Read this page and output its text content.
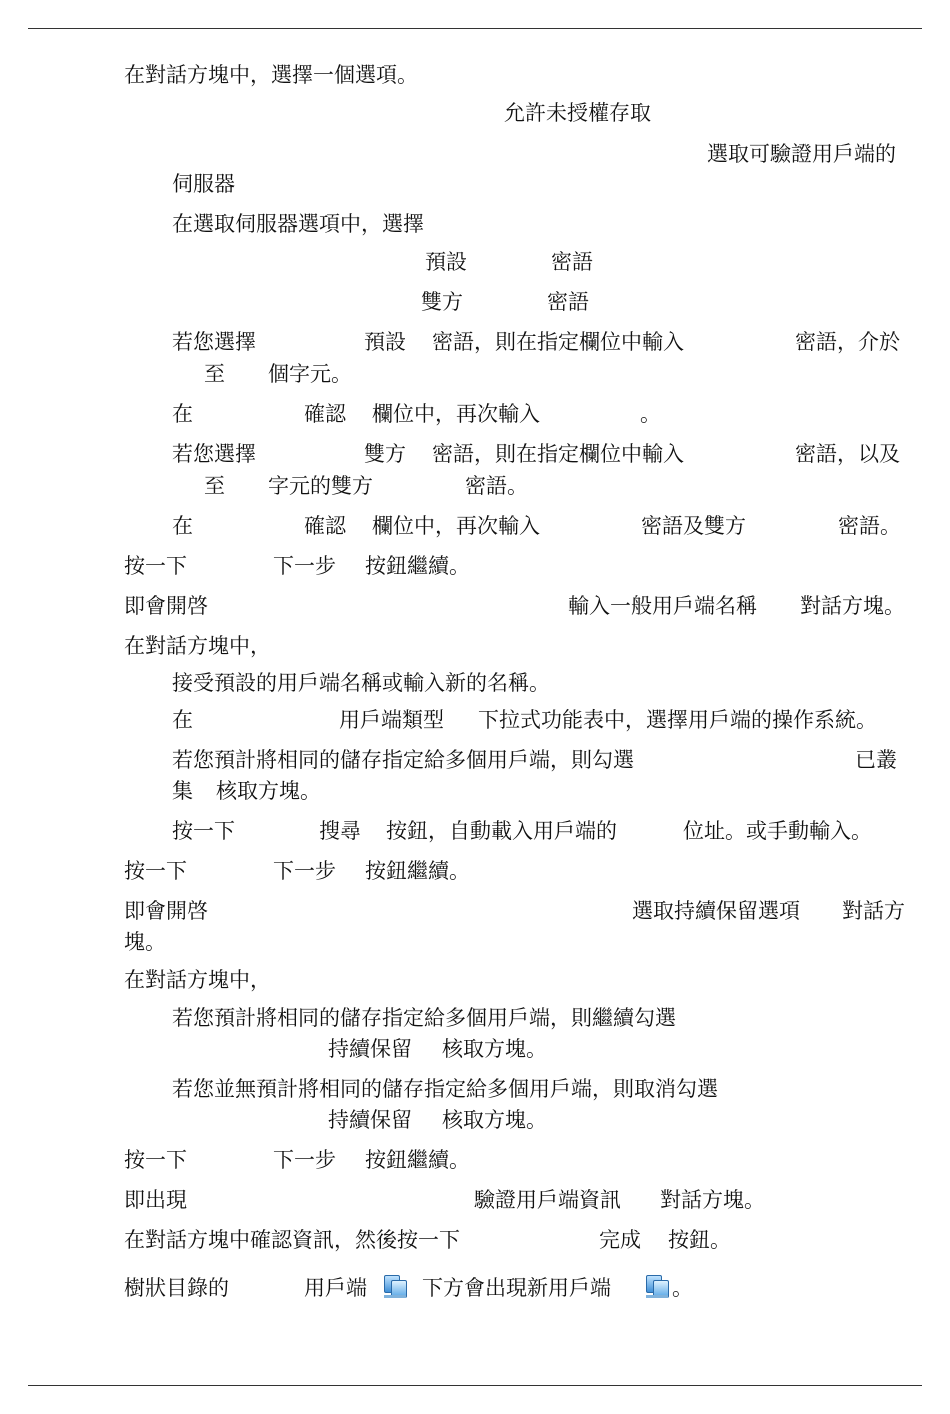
在對話方塊中，選擇一個選項。
允許未授權存取
選取可驗證用戶端的
伺服器
在選取伺服器選項中，選擇
預設	密語
雙方	密語
若您選擇	預設 密語，則在指定欄位中輸入	密語，介於
至 個字元。
在	確認 欄位中，再次輸入	。
若您選擇	雙方 密語，則在指定欄位中輸入	密語，以及
至 字元的雙方	密語。
在	確認 欄位中，再次輸入	密語及雙方	密語。
按一下	下一步 按鈕繼續。
即會開啓	輸入一般用戶端名稱 對話方塊。
在對話方塊中，
接受預設的用戶端名稱或輸入新的名稱。
在	用戶端類型 下拉式功能表中，選擇用戶端的操作系統。
若您預計將相同的儲存指定給多個用戶端，則勾選	已叢
集 核取方塊。
按一下	搜尋 按鈕，自動載入用戶端的	位址。或手動輸入。
按一下	下一步 按鈕繼續。
即會開啓	選取持續保留選項 對話方
塊。
在對話方塊中，
若您預計將相同的儲存指定給多個用戶端，則繼續勾選
持續保留 核取方塊。
若您並無預計將相同的儲存指定給多個用戶端，則取消勾選
持續保留 核取方塊。
按一下	下一步 按鈕繼續。
即出現	驗證用戶端資訊 對話方塊。
在對話方塊中確認資訊，然後按一下	完成 按鈕。
樹狀目錄的	用戶端	下方會出現新用戶端	。
